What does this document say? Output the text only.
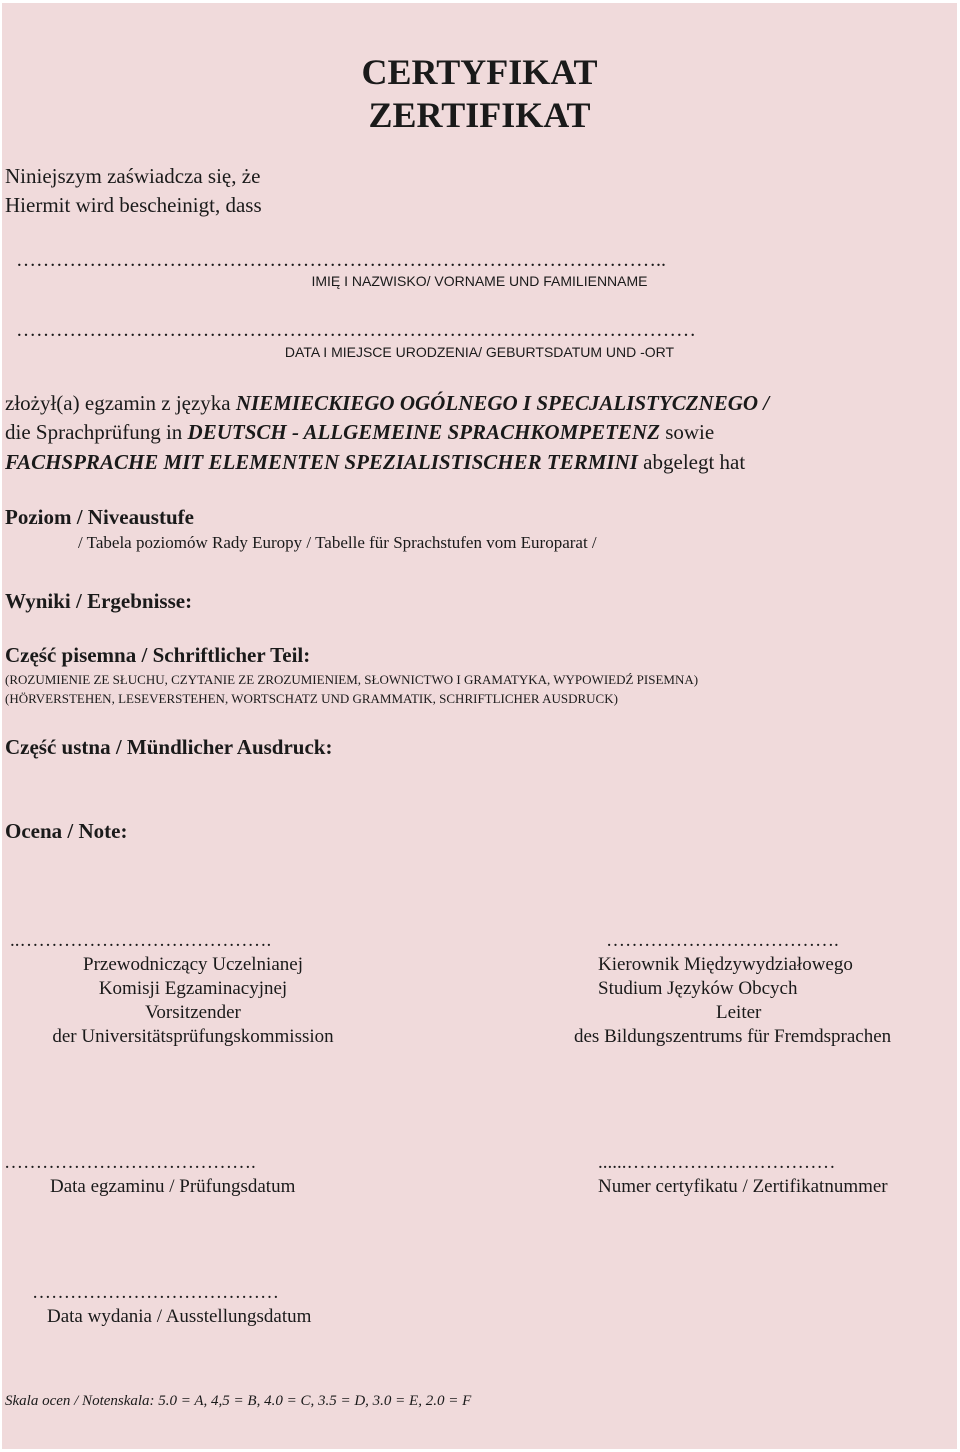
CERTYFIKAT
ZERTIFIKAT
Niniejszym zaświadcza się, że
Hiermit wird bescheinigt, dass
……………………………………………………………………………………..
IMIĘ I NAZWISKO/ VORNAME UND FAMILIENNAME
…………………………………………………………………………………………
DATA I MIEJSCE URODZENIA/ GEBURTSDATUM UND -ORT
złożył(a) egzamin z języka NIEMIECKIEGO OGÓLNEGO I SPECJALISTYCZNEGO /
die Sprachprüfung in DEUTSCH - ALLGEMEINE SPRACHKOMPETENZ sowie
FACHSPRACHE MIT ELEMENTEN SPEZIALISTISCHER TERMINI abgelegt hat
Poziom / Niveaustufe
/ Tabela poziomów Rady Europy / Tabelle für Sprachstufen vom Europarat /
Wyniki / Ergebnisse:
Część pisemna / Schriftlicher Teil:
(ROZUMIENIE ZE SŁUCHU, CZYTANIE ZE ZROZUMIENIEM, SŁOWNICTWO I GRAMATYKA, WYPOWIEDŹ PISEMNA)
(HÖRVERSTEHEN, LESEVERSTEHEN, WORTSCHATZ UND GRAMMATIK, SCHRIFTLICHER AUSDRUCK)
Część ustna / Mündlicher Ausdruck:
Ocena / Note:
..………………………………….
Przewodniczący Uczelnianej
Komisji Egzaminacyjnej
Vorsitzender
der Universitätsprüfungskommission
……………………………….
Kierownik Międzywydziałowego
Studium Języków Obcych
Leiter
des Bildungszentrums für Fremdsprachen
………………………………….
Data egzaminu / Prüfungsdatum
......……………………………
Numer certyfikatu / Zertifikatnummer
…………………………………
Data wydania / Ausstellungsdatum
Skala ocen / Notenskala: 5.0 = A, 4,5 = B, 4.0 = C, 3.5 = D, 3.0 = E, 2.0 = F
